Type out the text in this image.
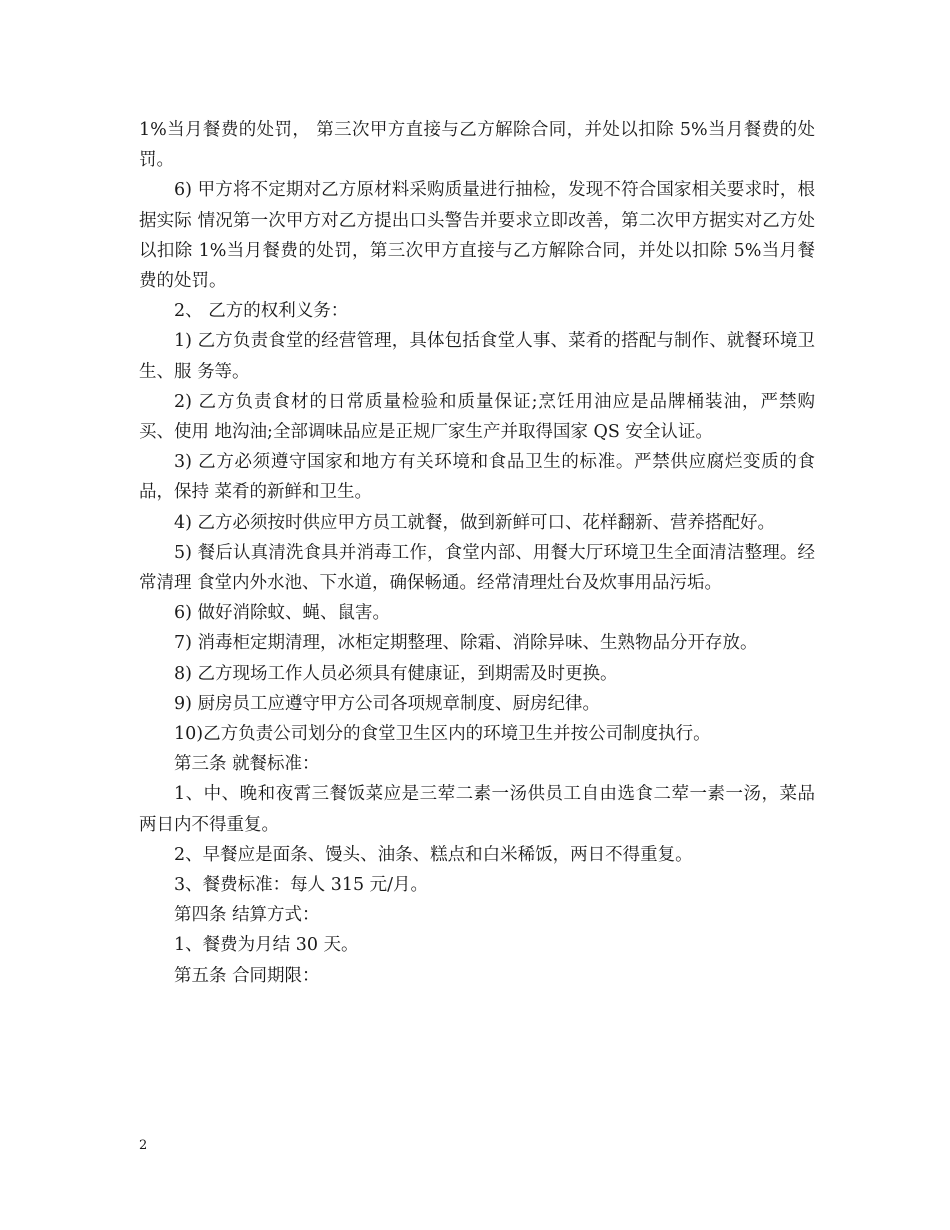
1%当月餐费的处罚， 第三次甲方直接与乙方解除合同，并处以扣除 5%当月餐费的处罚。

6) 甲方将不定期对乙方原材料采购质量进行抽检，发现不符合国家相关要求时，根据实际 情况第一次甲方对乙方提出口头警告并要求立即改善，第二次甲方据实对乙方处以扣除 1%当月餐费的处罚，第三次甲方直接与乙方解除合同，并处以扣除 5%当月餐费的处罚。

2、 乙方的权利义务：

1) 乙方负责食堂的经营管理，具体包括食堂人事、菜肴的搭配与制作、就餐环境卫生、服 务等。

2) 乙方负责食材的日常质量检验和质量保证;烹饪用油应是品牌桶装油，严禁购买、使用 地沟油;全部调味品应是正规厂家生产并取得国家 QS 安全认证。

3) 乙方必须遵守国家和地方有关环境和食品卫生的标准。严禁供应腐烂变质的食品，保持 菜肴的新鲜和卫生。

4) 乙方必须按时供应甲方员工就餐，做到新鲜可口、花样翻新、营养搭配好。

5) 餐后认真清洗食具并消毒工作，食堂内部、用餐大厅环境卫生全面清洁整理。经常清理 食堂内外水池、下水道，确保畅通。经常清理灶台及炊事用品污垢。

6) 做好消除蚊、蝇、鼠害。

7) 消毒柜定期清理，冰柜定期整理、除霜、消除异味、生熟物品分开存放。

8) 乙方现场工作人员必须具有健康证，到期需及时更换。

9) 厨房员工应遵守甲方公司各项规章制度、厨房纪律。

10)乙方负责公司划分的食堂卫生区内的环境卫生并按公司制度执行。

第三条 就餐标准：

1、中、晚和夜霄三餐饭菜应是三荤二素一汤供员工自由选食二荤一素一汤，菜品两日内不得重复。

2、早餐应是面条、馒头、油条、糕点和白米稀饭，两日不得重复。

3、餐费标准：每人 315 元/月。

第四条 结算方式：

1、餐费为月结 30 天。

第五条 合同期限：

2
